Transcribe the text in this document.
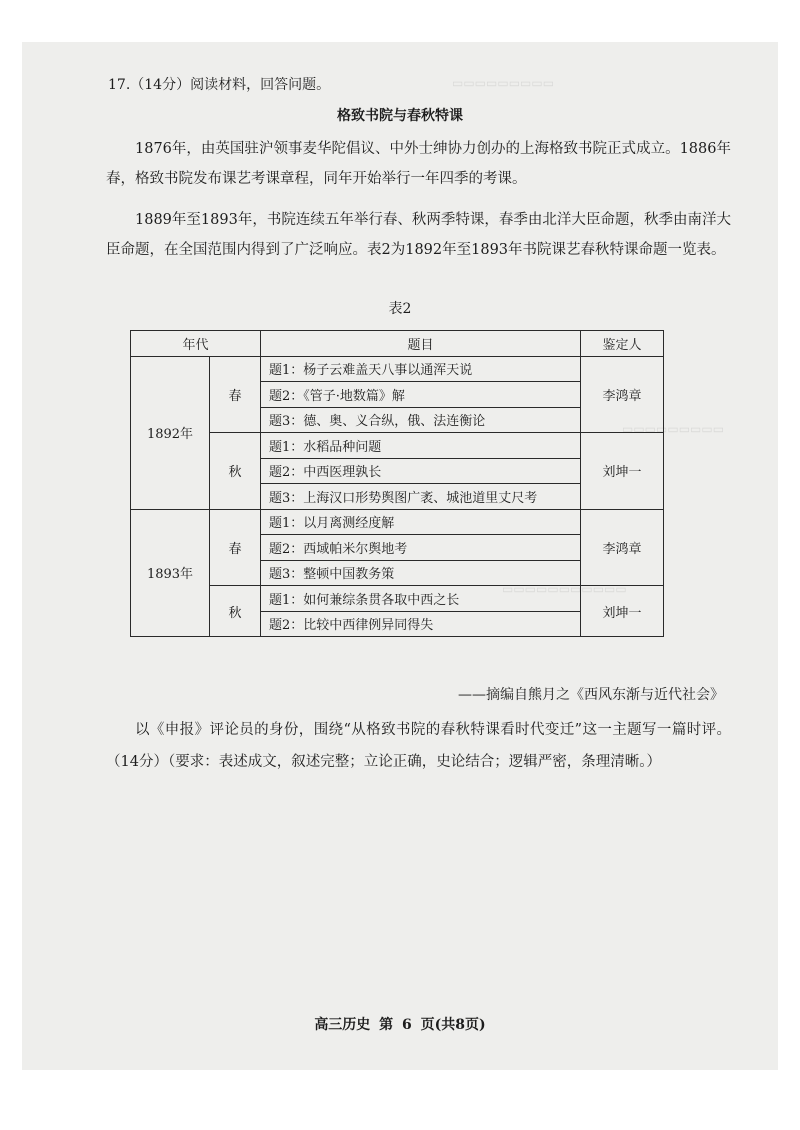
▭▭▭▭▭▭▭▭▭
▭▭▭▭▭▭▭▭▭
▭▭▭▭▭▭▭▭▭▭▭
17.（14分）阅读材料，回答问题。
格致书院与春秋特课

1876年，由英国驻沪领事麦华陀倡议、中外士绅协力创办的上海格致书院正式成立。1886年春，格致书院发布课艺考课章程，同年开始举行一年四季的考课。

1889年至1893年，书院连续五年举行春、秋两季特课，春季由北洋大臣命题，秋季由南洋大臣命题，在全国范围内得到了广泛响应。表2为1892年至1893年书院课艺春秋特课命题一览表。

表2
年代		题目	鉴定人
1892年	春	题1：杨子云难盖天八事以通浑天说	李鸿章
		题2：《管子·地数篇》解	
		题3：德、奥、义合纵，俄、法连衡论	
	秋	题1：水稻品种问题	刘坤一
		题2：中西医理孰长	
		题3：上海汉口形势舆图广袤、城池道里丈尺考	
1893年	春	题1：以月离测经度解	李鸿章
		题2：西域帕米尔舆地考	
		题3：整顿中国教务策	
	秋	题1：如何兼综条贯各取中西之长	刘坤一
		题2：比较中西律例异同得失	
——摘编自熊月之《西风东渐与近代社会》

以《申报》评论员的身份，围绕“从格致书院的春秋特课看时代变迁”这一主题写一篇时评。（14分）（要求：表述成文，叙述完整；立论正确，史论结合；逻辑严密，条理清晰。）

高三历史 第 6 页(共8页)
